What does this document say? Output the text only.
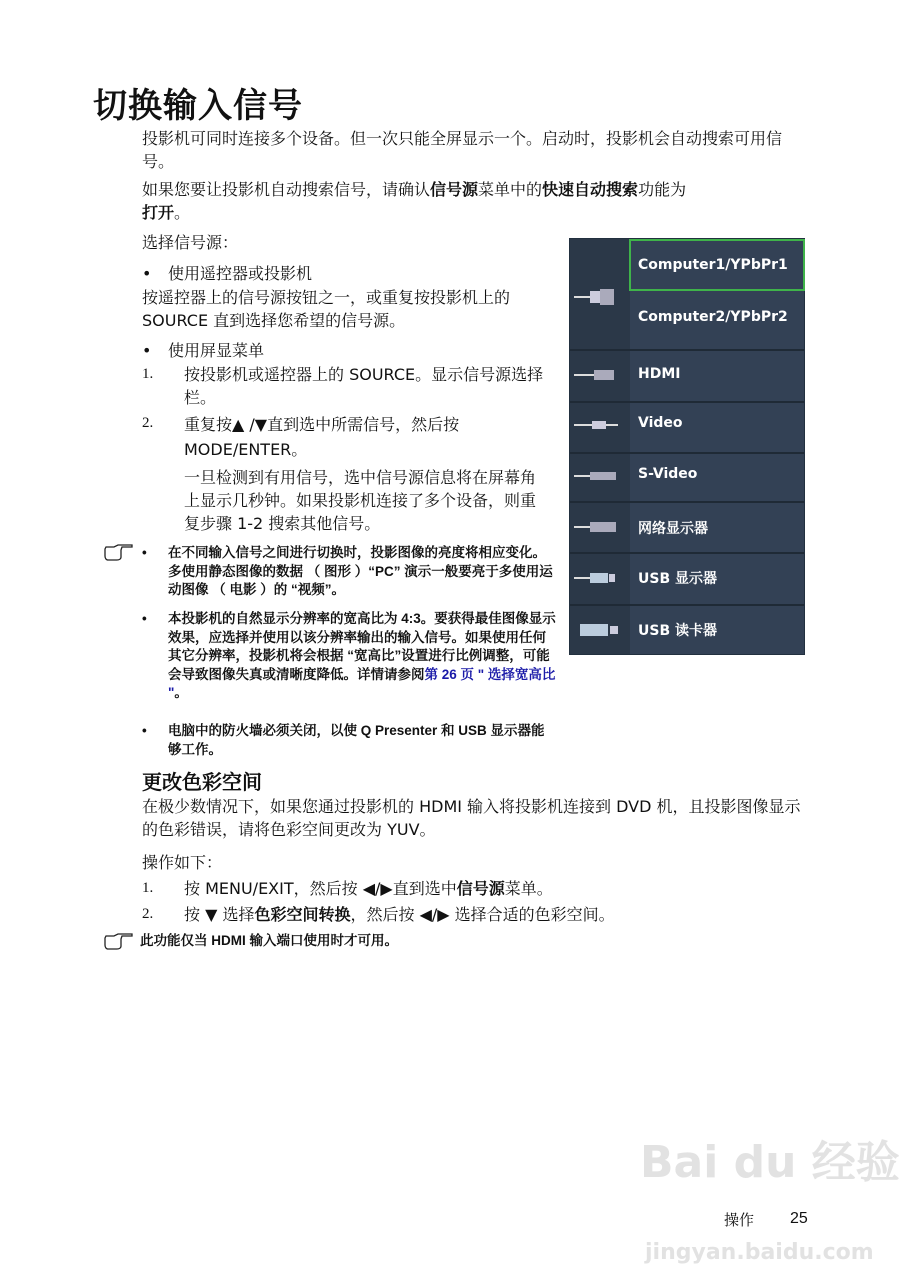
Bai du 经验
jingyan.baidu.com
切换输入信号
投影机可同时连接多个设备。但一次只能全屏显示一个。启动时，投影机会自动搜索可用信号。
如果您要让投影机自动搜索信号，请确认信号源菜单中的快速自动搜索功能为
打开。
选择信号源：
• 使用遥控器或投影机
按遥控器上的信号源按钮之一，或重复按投影机上的 SOURCE 直到选择您希望的信号源。
• 使用屏显菜单
1. 按投影机或遥控器上的 SOURCE。显示信号源选择栏。
2. 重复按▲ /▼直到选中所需信号，然后按 MODE/ENTER。
一旦检测到有用信号，选中信号源信息将在屏幕角上显示几秒钟。如果投影机连接了多个设备，则重复步骤 1-2 搜索其他信号。
• 在不同输入信号之间进行切换时，投影图像的亮度将相应变化。多使用静态图像的数据 （ 图形 ）“PC” 演示一般要亮于多使用运动图像 （ 电影 ）的 “视频”。
• 本投影机的自然显示分辨率的宽高比为 4:3。要获得最佳图像显示效果，应选择并使用以该分辨率输出的输入信号。如果使用任何其它分辨率，投影机将会根据 “宽高比”设置进行比例调整，可能会导致图像失真或清晰度降低。详情请参阅第 26 页 " 选择宽高比 "。
• 电脑中的防火墙必须关闭，以使 Q Presenter 和 USB 显示器能够工作。
Computer1/YPbPr1
Computer2/YPbPr2
HDMI
Video
S-Video
网络显示器
USB 显示器
USB 读卡器
更改色彩空间
在极少数情况下，如果您通过投影机的 HDMI 输入将投影机连接到 DVD 机，且投影图像显示的色彩错误，请将色彩空间更改为 YUV。
操作如下：
1. 按 MENU/EXIT，然后按 ◀/▶直到选中信号源菜单。
2. 按 ▼ 选择色彩空间转换，然后按 ◀/▶ 选择合适的色彩空间。
此功能仅当 HDMI 输入端口使用时才可用。
操作 25
